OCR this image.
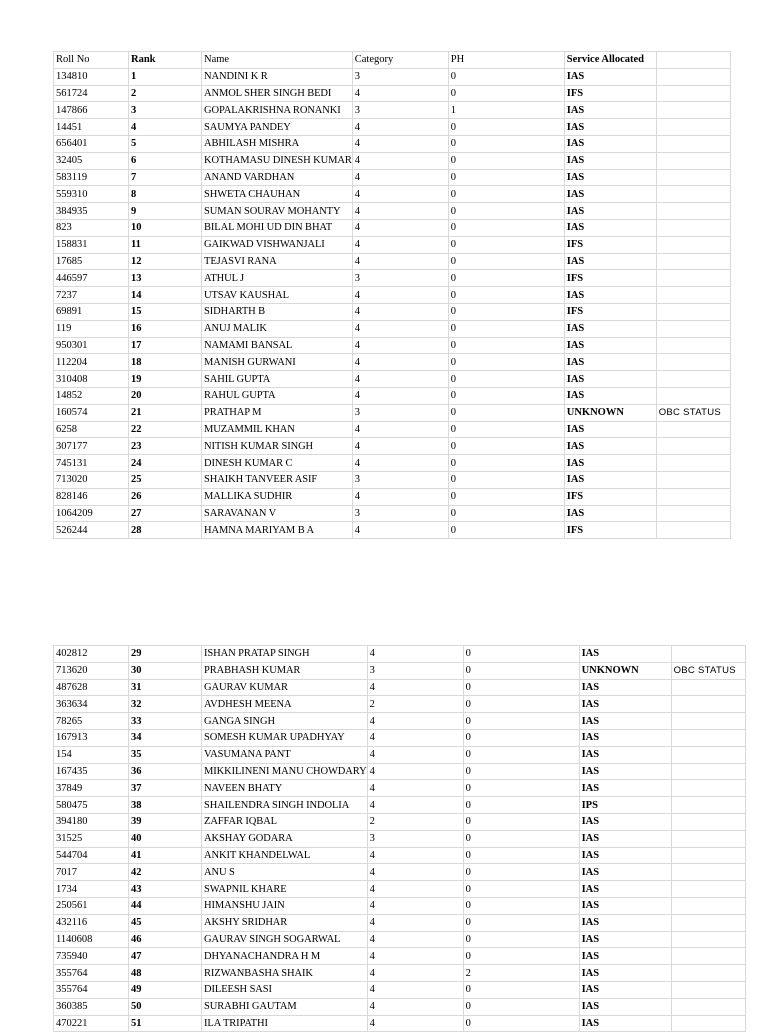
Roll No	Rank	Name	Category	PH	Service Allocated	
134810	1	NANDINI K R	3	0	IAS	
561724	2	ANMOL SHER SINGH BEDI	4	0	IFS	
147866	3	GOPALAKRISHNA RONANKI	3	1	IAS	
14451	4	SAUMYA PANDEY	4	0	IAS	
656401	5	ABHILASH MISHRA	4	0	IAS	
32405	6	KOTHAMASU DINESH KUMAR	4	0	IAS	
583119	7	ANAND VARDHAN	4	0	IAS	
559310	8	SHWETA CHAUHAN	4	0	IAS	
384935	9	SUMAN SOURAV MOHANTY	4	0	IAS	
823	10	BILAL MOHI UD DIN BHAT	4	0	IAS	
158831	11	GAIKWAD VISHWANJALI	4	0	IFS	
17685	12	TEJASVI RANA	4	0	IAS	
446597	13	ATHUL J	3	0	IFS	
7237	14	UTSAV KAUSHAL	4	0	IAS	
69891	15	SIDHARTH B	4	0	IFS	
119	16	ANUJ MALIK	4	0	IAS	
950301	17	NAMAMI BANSAL	4	0	IAS	
112204	18	MANISH GURWANI	4	0	IAS	
310408	19	SAHIL GUPTA	4	0	IAS	
14852	20	RAHUL GUPTA	4	0	IAS	
160574	21	PRATHAP M	3	0	UNKNOWN	OBC STATUS
6258	22	MUZAMMIL KHAN	4	0	IAS	
307177	23	NITISH KUMAR SINGH	4	0	IAS	
745131	24	DINESH KUMAR C	4	0	IAS	
713020	25	SHAIKH TANVEER ASIF	3	0	IAS	
828146	26	MALLIKA SUDHIR	4	0	IFS	
1064209	27	SARAVANAN V	3	0	IAS	
526244	28	HAMNA MARIYAM B A	4	0	IFS	
402812	29	ISHAN PRATAP SINGH	4	0	IAS	
713620	30	PRABHASH KUMAR	3	0	UNKNOWN	OBC STATUS
487628	31	GAURAV KUMAR	4	0	IAS	
363634	32	AVDHESH MEENA	2	0	IAS	
78265	33	GANGA SINGH	4	0	IAS	
167913	34	SOMESH KUMAR UPADHYAY	4	0	IAS	
154	35	VASUMANA PANT	4	0	IAS	
167435	36	MIKKILINENI MANU CHOWDARY	4	0	IAS	
37849	37	NAVEEN BHATY	4	0	IAS	
580475	38	SHAILENDRA SINGH INDOLIA	4	0	IPS	
394180	39	ZAFFAR IQBAL	2	0	IAS	
31525	40	AKSHAY GODARA	3	0	IAS	
544704	41	ANKIT KHANDELWAL	4	0	IAS	
7017	42	ANU S	4	0	IAS	
1734	43	SWAPNIL KHARE	4	0	IAS	
250561	44	HIMANSHU JAIN	4	0	IAS	
432116	45	AKSHY SRIDHAR	4	0	IAS	
1140608	46	GAURAV SINGH SOGARWAL	4	0	IAS	
735940	47	DHYANACHANDRA H M	4	0	IAS	
355764	48	RIZWANBASHA SHAIK	4	2	IAS	
355764	49	DILEESH SASI	4	0	IAS	
360385	50	SURABHI GAUTAM	4	0	IAS	
470221	51	ILA TRIPATHI	4	0	IAS	
